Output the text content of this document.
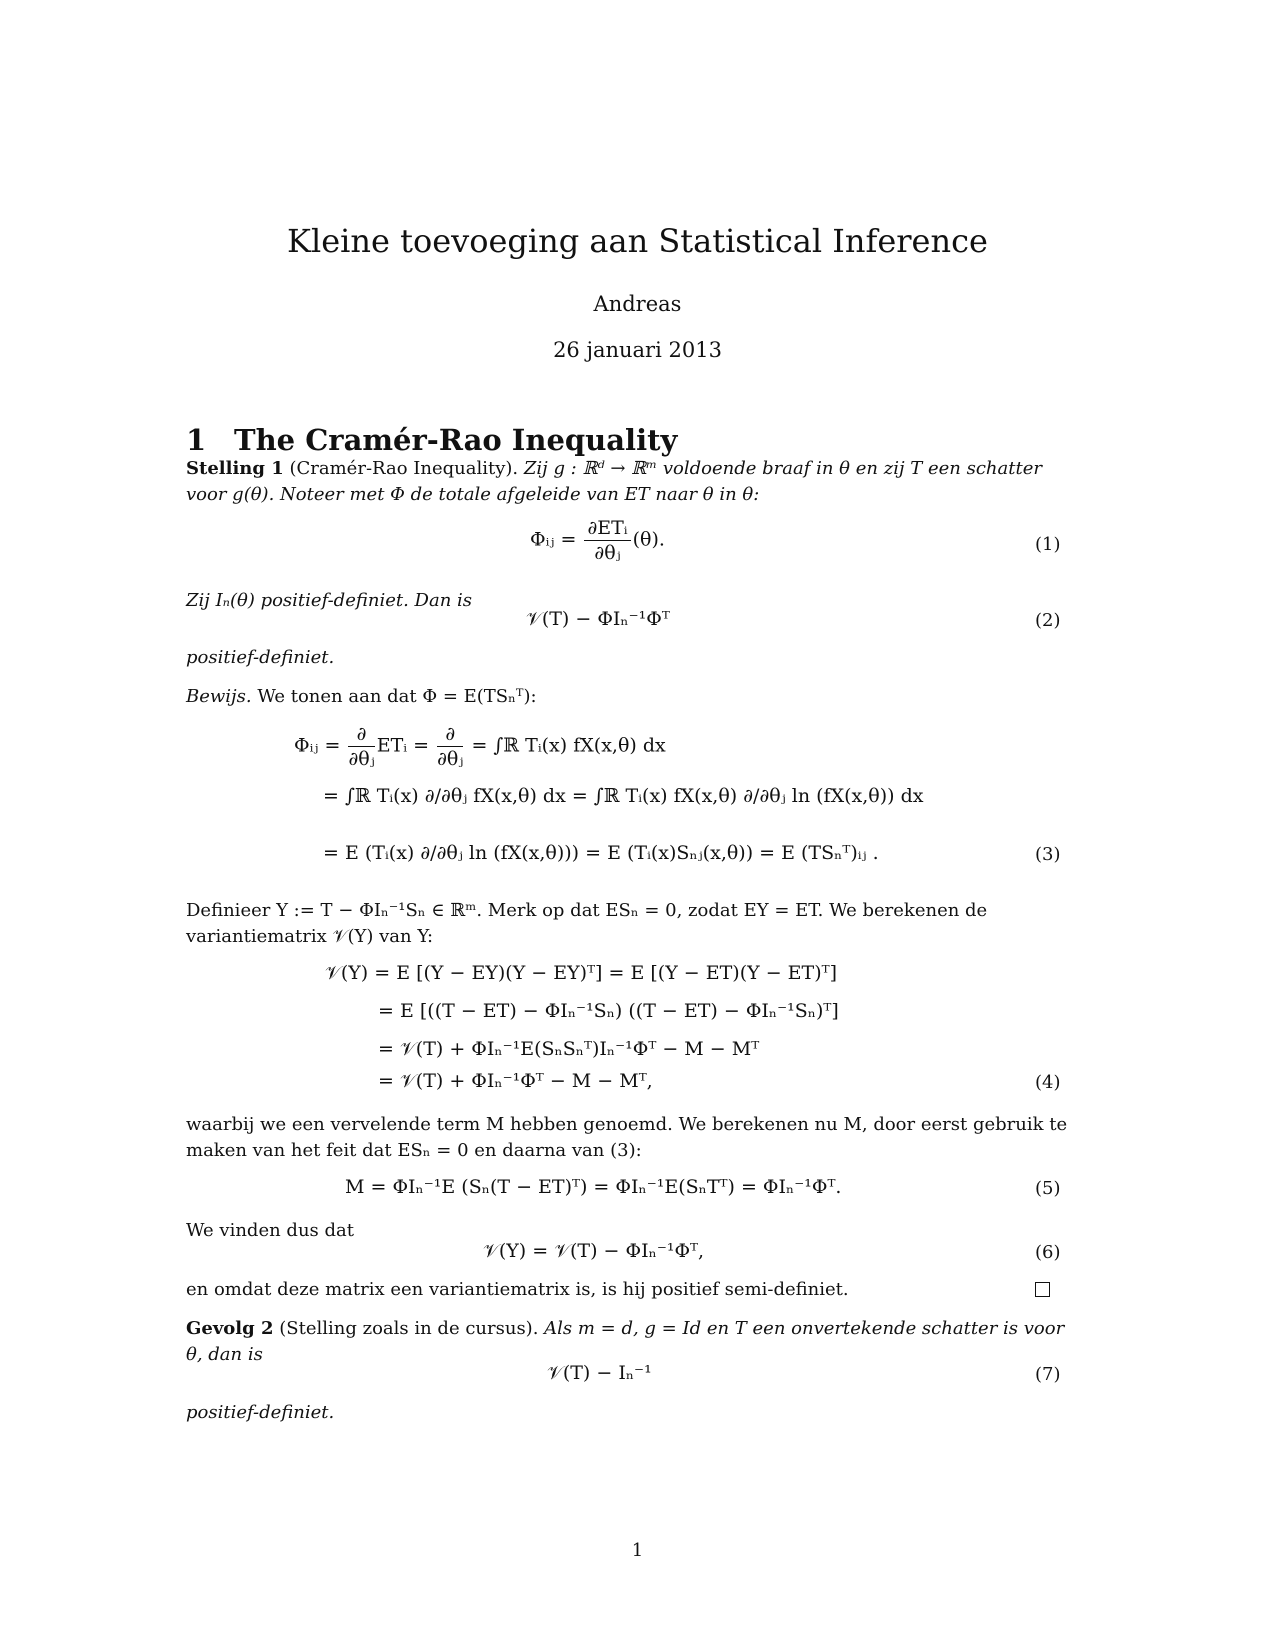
Kleine toevoeging aan Statistical Inference
Andreas
26 januari 2013
1 The Cramér-Rao Inequality
Stelling 1 (Cramér-Rao Inequality). Zij g : ℝᵈ → ℝᵐ voldoende braaf in θ en zij T een schatter
voor g(θ). Noteer met Φ de totale afgeleide van ET naar θ in θ:
Φᵢⱼ = $\frac{\text{∂ETᵢ}}{\text{∂θⱼ}} (\theta)$.	(1)
Zij Iₙ(θ) positief-definiet. Dan is
𝒱(T) − ΦIₙ⁻¹Φᵀ	(2)
positief-definiet.
Bewijs. We tonen aan dat Φ = E(TSₙᵀ):
Φᵢⱼ = $\frac{\partial}{\text{∂θⱼ}}$ ETᵢ = $\frac{\partial}{\text{∂θⱼ}}$ = ∫ℝ Tᵢ(x) fX(x,θ) dx
= ∫ℝ Tᵢ(x) ∂/∂θⱼ fX(x,θ) dx = ∫ℝ Tᵢ(x) fX(x,θ) ∂/∂θⱼ ln (fX(x,θ)) dx
= E (Tᵢ(x) ∂/∂θⱼ ln (fX(x,θ))) = E (Tᵢ(x)Sₙⱼ(x,θ)) = E (TSₙᵀ)ᵢⱼ .	(3)
Definieer Y := T − ΦIₙ⁻¹Sₙ ∈ ℝᵐ. Merk op dat ESₙ = 0, zodat EY = ET. We berekenen de
variantiematrix 𝒱(Y) van Y:
𝒱(Y) = E [(Y − EY)(Y − EY)ᵀ] = E [(Y − ET)(Y − ET)ᵀ]
= E [((T − ET) − ΦIₙ⁻¹Sₙ) ((T − ET) − ΦIₙ⁻¹Sₙ)ᵀ]
= 𝒱(T) + ΦIₙ⁻¹E(SₙSₙᵀ)Iₙ⁻¹Φᵀ − M − Mᵀ
= 𝒱(T) + ΦIₙ⁻¹Φᵀ − M − Mᵀ,	(4)
waarbij we een vervelende term M hebben genoemd. We berekenen nu M, door eerst gebruik te
maken van het feit dat ESₙ = 0 en daarna van (3):
M = ΦIₙ⁻¹E (Sₙ(T − ET)ᵀ) = ΦIₙ⁻¹E(SₙTᵀ) = ΦIₙ⁻¹Φᵀ.	(5)
We vinden dus dat
𝒱(Y) = 𝒱(T) − ΦIₙ⁻¹Φᵀ,	(6)
en omdat deze matrix een variantiematrix is, is hij positief semi-definiet.
Gevolg 2 (Stelling zoals in de cursus). Als m = d, g = Id en T een onvertekende schatter is voor
θ, dan is
𝒱(T) − Iₙ⁻¹	(7)
positief-definiet.
1
